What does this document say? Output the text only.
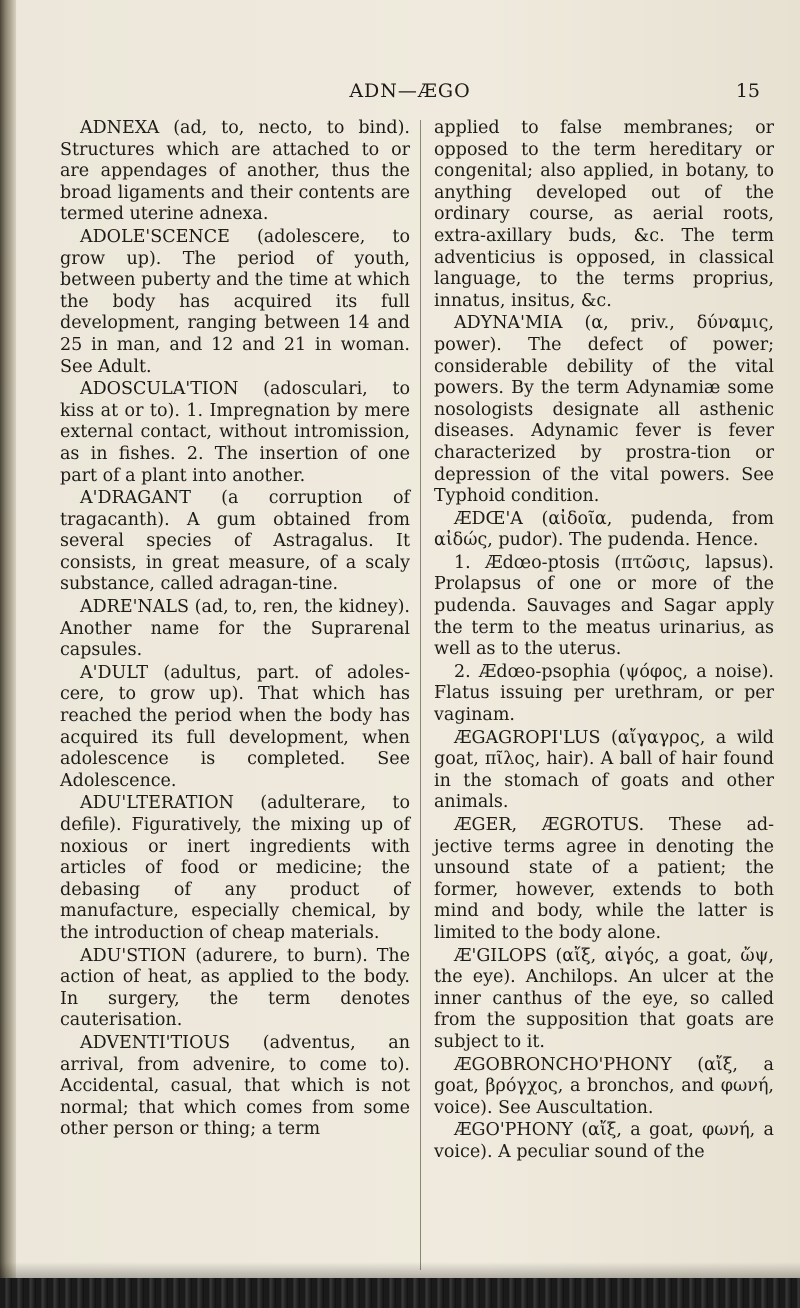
ADN—ÆGO	15

ADNEXA (ad, to, necto, to bind). Structures which are attached to or are appendages of another, thus the broad ligaments and their contents are termed uterine adnexa.

ADOLE'SCENCE (adolescere, to grow up). The period of youth, between puberty and the time at which the body has acquired its full development, ranging between 14 and 25 in man, and 12 and 21 in woman. See Adult.

ADOSCULA'TION (adosculari, to kiss at or to). 1. Impregnation by mere external contact, without intromission, as in fishes. 2. The insertion of one part of a plant into another.

A'DRAGANT (a corruption of tragacanth). A gum obtained from several species of Astragalus. It consists, in great measure, of a scaly substance, called adragan-tine.

ADRE'NALS (ad, to, ren, the kidney). Another name for the Suprarenal capsules.

A'DULT (adultus, part. of adoles-cere, to grow up). That which has reached the period when the body has acquired its full development, when adolescence is completed. See Adolescence.

ADU'LTERATION (adulterare, to defile). Figuratively, the mixing up of noxious or inert ingredients with articles of food or medicine; the debasing of any product of manufacture, especially chemical, by the introduction of cheap materials.

ADU'STION (adurere, to burn). The action of heat, as applied to the body. In surgery, the term denotes cauterisation.

ADVENTI'TIOUS (adventus, an arrival, from advenire, to come to). Accidental, casual, that which is not normal; that which comes from some other person or thing; a term

applied to false membranes; or opposed to the term hereditary or congenital; also applied, in botany, to anything developed out of the ordinary course, as aerial roots, extra-axillary buds, &c. The term adventicius is opposed, in classical language, to the terms proprius, innatus, insitus, &c.

ADYNA'MIA (α, priv., δύναμις, power). The defect of power; considerable debility of the vital powers. By the term Adynamiæ some nosologists designate all asthenic diseases. Adynamic fever is fever characterized by prostra-tion or depression of the vital powers. See Typhoid condition.

ÆDŒ'A (αἰδοῖα, pudenda, from αἰδώς, pudor). The pudenda. Hence.

1. Ædœo-ptosis (πτῶσις, lapsus). Prolapsus of one or more of the pudenda. Sauvages and Sagar apply the term to the meatus urinarius, as well as to the uterus.

2. Ædœo-psophia (ψόφος, a noise). Flatus issuing per urethram, or per vaginam.

ÆGAGROPI'LUS (αἴγαγρος, a wild goat, πῖλος, hair). A ball of hair found in the stomach of goats and other animals.

ÆGER, ÆGROTUS. These ad-jective terms agree in denoting the unsound state of a patient; the former, however, extends to both mind and body, while the latter is limited to the body alone.

Æ'GILOPS (αἴξ, αἰγός, a goat, ὤψ, the eye). Anchilops. An ulcer at the inner canthus of the eye, so called from the supposition that goats are subject to it.

ÆGOBRONCHO'PHONY (αἴξ, a goat, βρόγχος, a bronchos, and φωνή, voice). See Auscultation.

ÆGO'PHONY (αἴξ, a goat, φωνή, a voice). A peculiar sound of the
